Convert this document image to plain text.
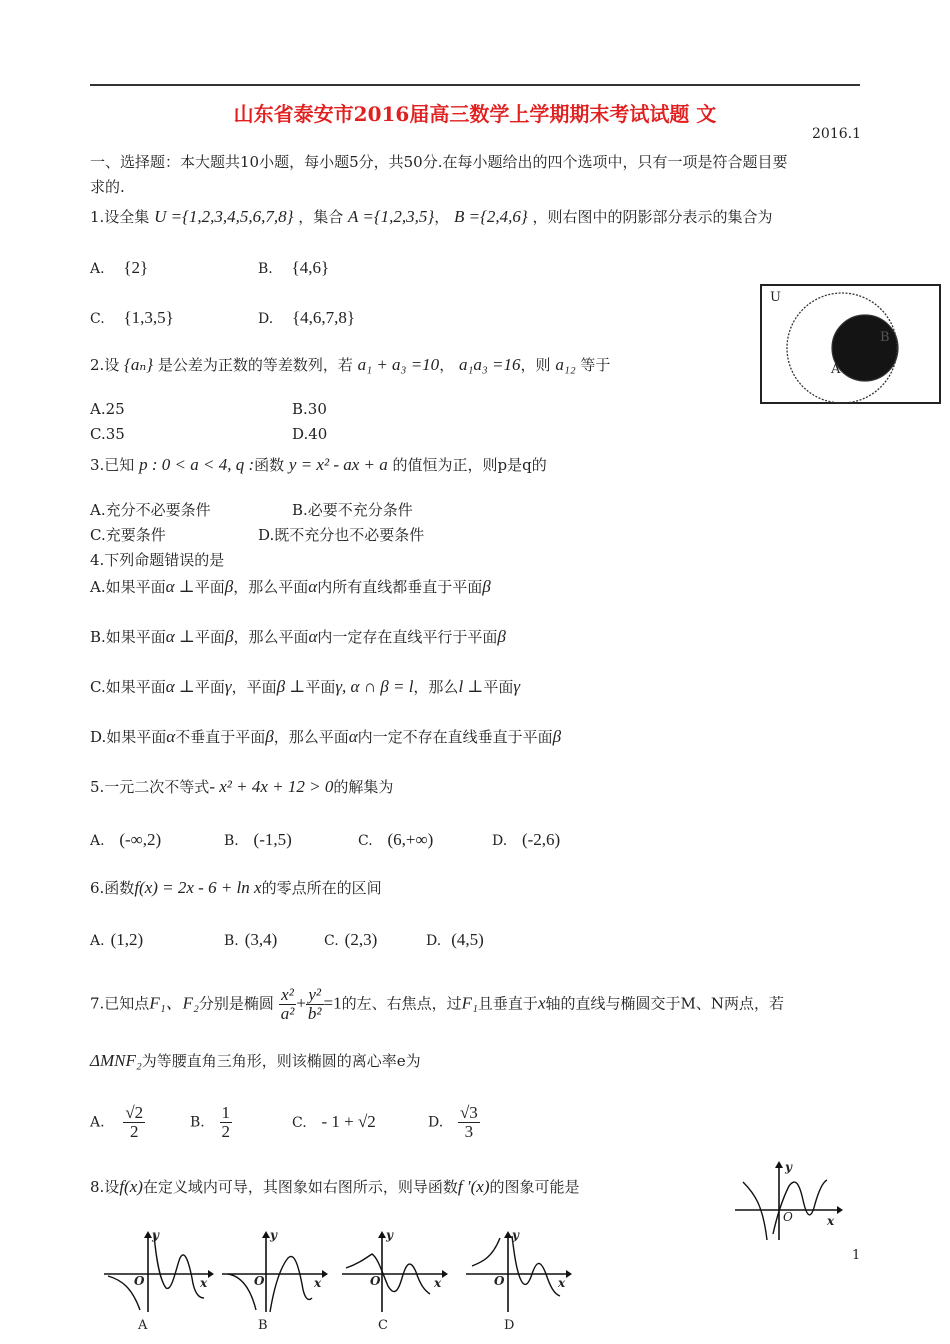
山东省泰安市2016届高三数学上学期期末考试试题 文
2016.1
一、选择题：本大题共10小题，每小题5分，共50分.在每小题给出的四个选项中，只有一项是符合题目要
求的.
1.设全集 U ={1,2,3,4,5,6,7,8} ，集合 A ={1,2,3,5}， B ={2,4,6} ，则右图中的阴影部分表示的集合为
A. {2}	B. {4,6}
C. {1,3,5}	D. {4,6,7,8}
U
A
B
2.设 {aₙ} 是公差为正数的等差数列，若 a₁ + a₃ =10， a₁a₃ =16，则 a₁₂ 等于
A.25	B.30
C.35	D.40
3.已知 p : 0 < a < 4, q :函数 y = x² - ax + a 的值恒为正，则p是q的
A.充分不必要条件	B.必要不充分条件
C.充要条件	D.既不充分也不必要条件
4.下列命题错误的是
A.如果平面α ⊥平面β，那么平面α内所有直线都垂直于平面β
B.如果平面α ⊥平面β，那么平面α内一定存在直线平行于平面β
C.如果平面α ⊥平面γ，平面β ⊥平面γ, α ∩ β = l，那么l ⊥平面γ
D.如果平面α不垂直于平面β，那么平面α内一定不存在直线垂直于平面β
5.一元二次不等式- x² + 4x + 12 > 0的解集为
A. (-∞,2)	B. (-1,5)	C. (6,+∞)	D. (-2,6)
6.函数f(x) = 2x - 6 + ln x的零点所在的区间
A. (1,2)	B. (3,4)	C. (2,3)	D. (4,5)
7.已知点F₁、F₂分别是椭圆 $\frac{\text{x²}}{\text{a²}} + \frac{\text{y²}}{\text{b²}} =1$的左、右焦点，过F₁且垂直于x轴的直线与椭圆交于M、N两点，若
ΔMNF₂为等腰直角三角形，则该椭圆的离心率e为
A. $\frac{√2}{2}$	B. $\frac{1}{2}$	C. - 1 + √2	D. $\frac{√3}{3}$
8.设f(x)在定义域内可导，其图象如右图所示，则导函数f ′(x)的图象可能是
y
x
O
1
y
x
O
A
y
x
O
B
y
x
O
C
y
x
O
D
